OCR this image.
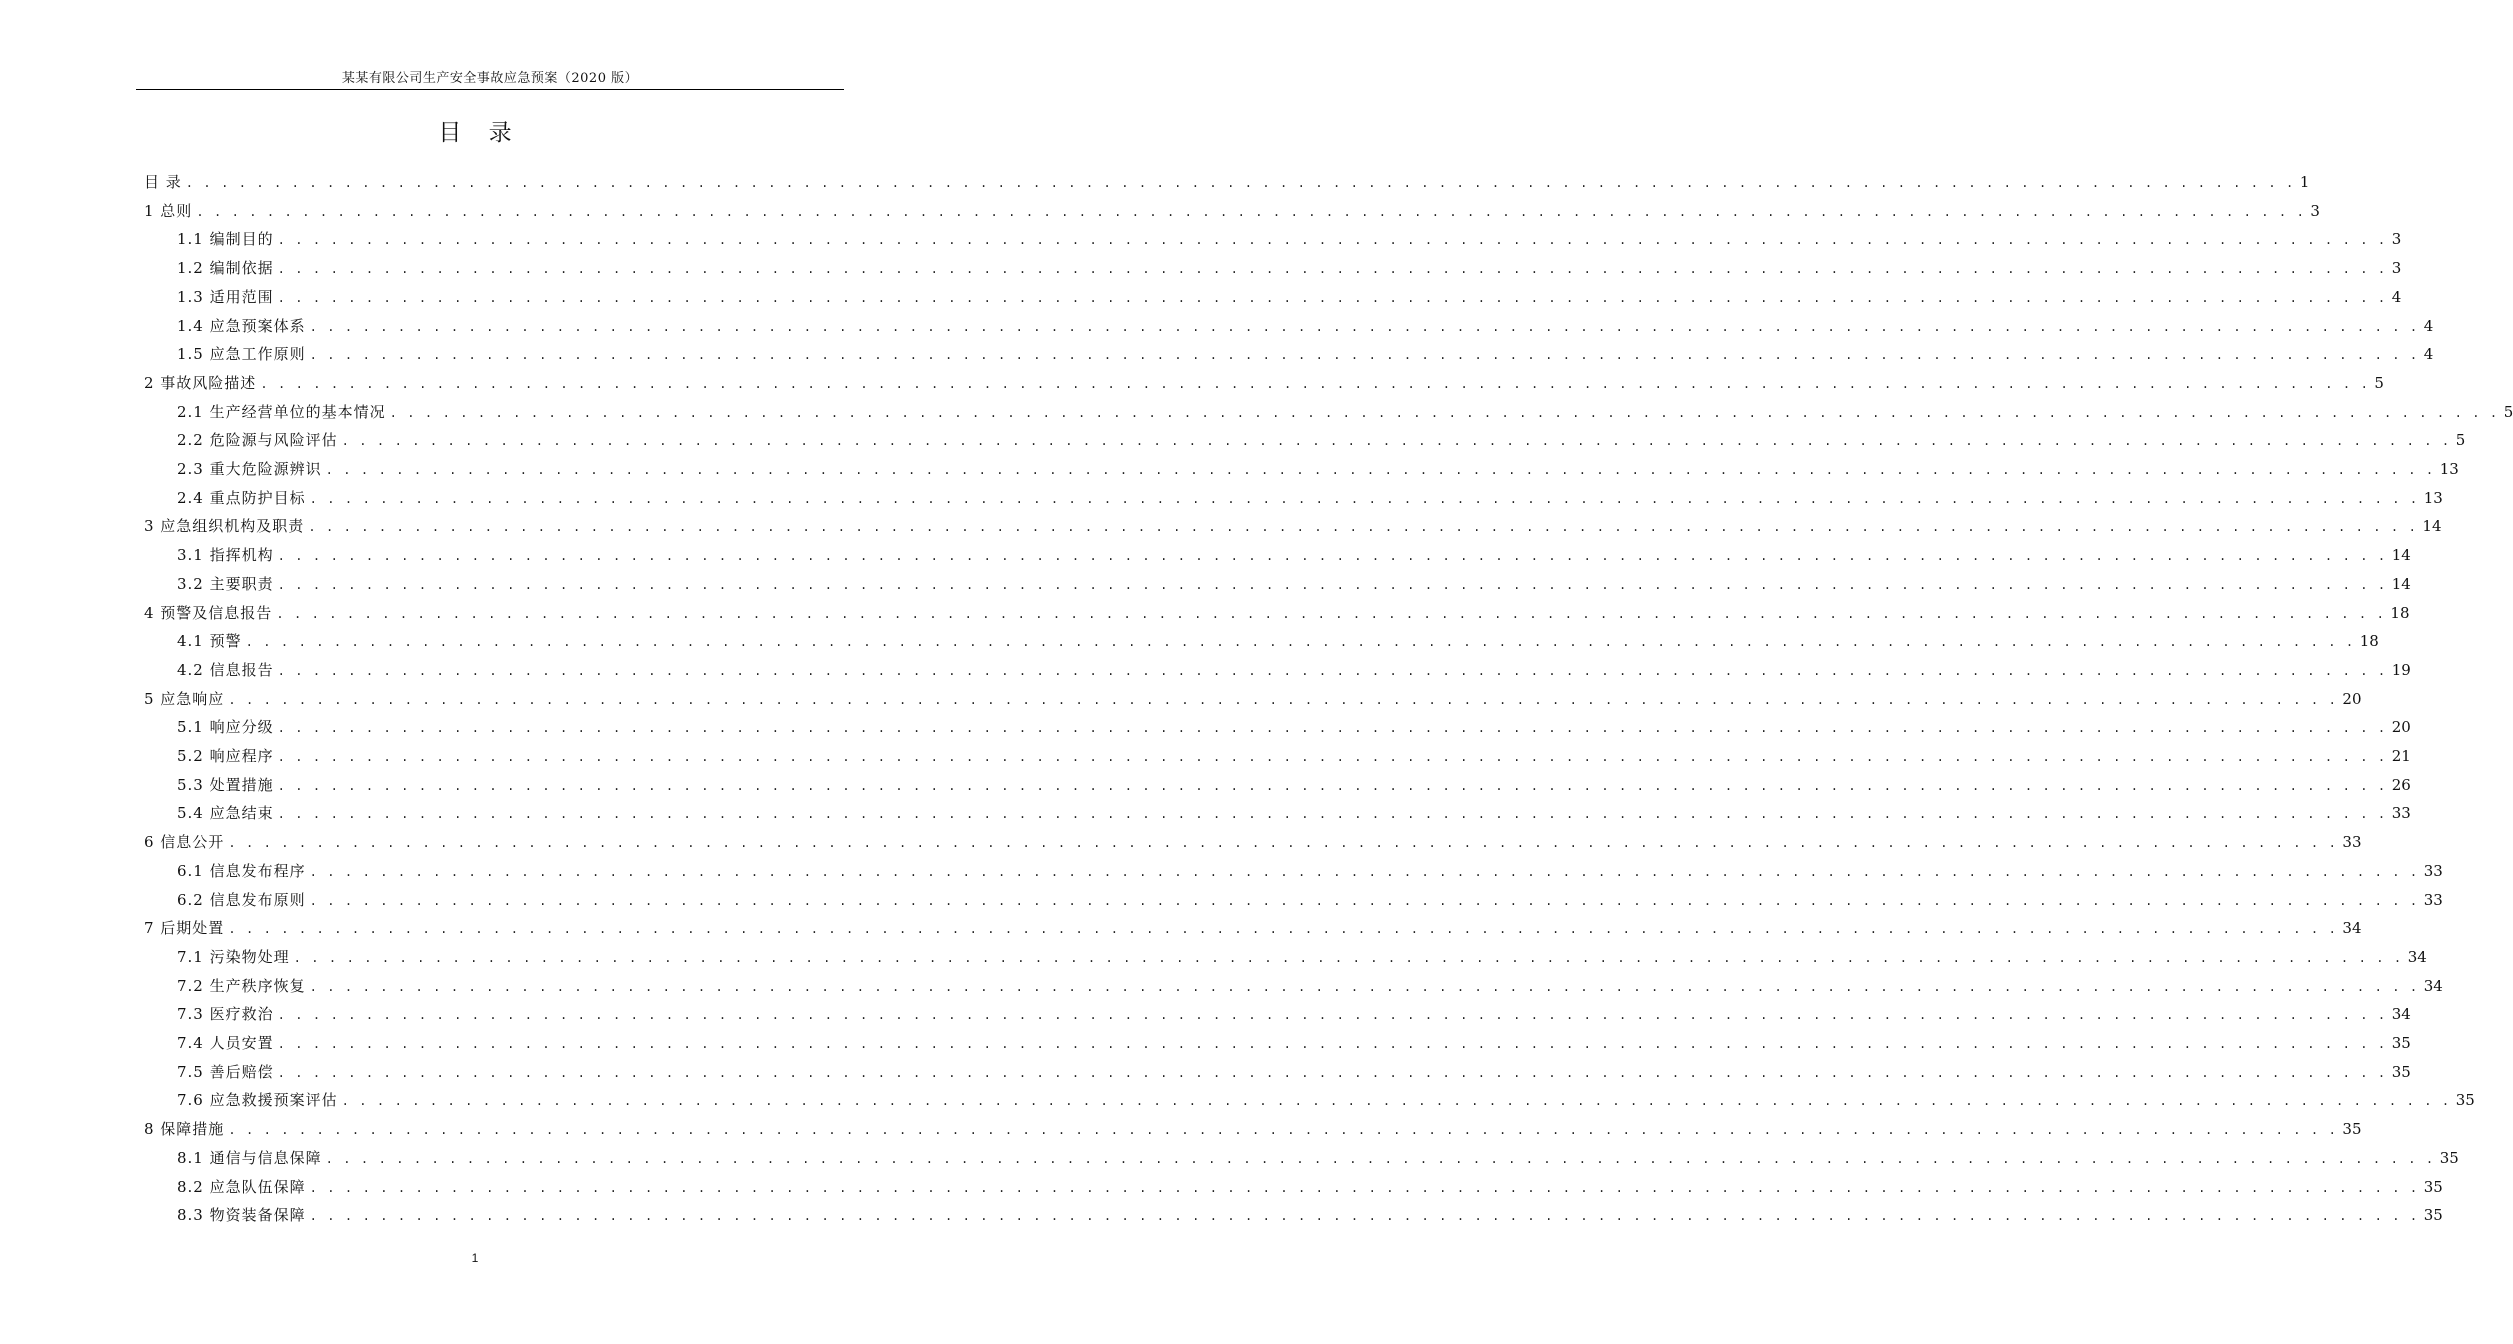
某某有限公司生产安全事故应急预案（2020 版）
目 录
目 录 . . . . . . . . . . . . . . . . . . . . . . . . . . . . . . . . . . . . . . . . . . . . . . . . . . . . . . . . . . . . . . . . . . . . . . . . . . . . . . . . . . . . . . . . . . . . . . . . . . . . . . . . . . . . . . . . . . . . . . . . 1
1 总则 . . . . . . . . . . . . . . . . . . . . . . . . . . . . . . . . . . . . . . . . . . . . . . . . . . . . . . . . . . . . . . . . . . . . . . . . . . . . . . . . . . . . . . . . . . . . . . . . . . . . . . . . . . . . . . . . . . . . . . . . 3
1.1 编制目的 . . . . . . . . . . . . . . . . . . . . . . . . . . . . . . . . . . . . . . . . . . . . . . . . . . . . . . . . . . . . . . . . . . . . . . . . . . . . . . . . . . . . . . . . . . . . . . . . . . . . . . . . . . . . . . . . . . . . . . . . 3
1.2 编制依据 . . . . . . . . . . . . . . . . . . . . . . . . . . . . . . . . . . . . . . . . . . . . . . . . . . . . . . . . . . . . . . . . . . . . . . . . . . . . . . . . . . . . . . . . . . . . . . . . . . . . . . . . . . . . . . . . . . . . . . . . 3
1.3 适用范围 . . . . . . . . . . . . . . . . . . . . . . . . . . . . . . . . . . . . . . . . . . . . . . . . . . . . . . . . . . . . . . . . . . . . . . . . . . . . . . . . . . . . . . . . . . . . . . . . . . . . . . . . . . . . . . . . . . . . . . . . 4
1.4 应急预案体系 . . . . . . . . . . . . . . . . . . . . . . . . . . . . . . . . . . . . . . . . . . . . . . . . . . . . . . . . . . . . . . . . . . . . . . . . . . . . . . . . . . . . . . . . . . . . . . . . . . . . . . . . . . . . . . . . . . . . . . . . 4
1.5 应急工作原则 . . . . . . . . . . . . . . . . . . . . . . . . . . . . . . . . . . . . . . . . . . . . . . . . . . . . . . . . . . . . . . . . . . . . . . . . . . . . . . . . . . . . . . . . . . . . . . . . . . . . . . . . . . . . . . . . . . . . . . . . 4
2 事故风险描述 . . . . . . . . . . . . . . . . . . . . . . . . . . . . . . . . . . . . . . . . . . . . . . . . . . . . . . . . . . . . . . . . . . . . . . . . . . . . . . . . . . . . . . . . . . . . . . . . . . . . . . . . . . . . . . . . . . . . . . . . 5
2.1 生产经营单位的基本情况 . . . . . . . . . . . . . . . . . . . . . . . . . . . . . . . . . . . . . . . . . . . . . . . . . . . . . . . . . . . . . . . . . . . . . . . . . . . . . . . . . . . . . . . . . . . . . . . . . . . . . . . . . . . . . . . . . . . . . . . . 5
2.2 危险源与风险评估 . . . . . . . . . . . . . . . . . . . . . . . . . . . . . . . . . . . . . . . . . . . . . . . . . . . . . . . . . . . . . . . . . . . . . . . . . . . . . . . . . . . . . . . . . . . . . . . . . . . . . . . . . . . . . . . . . . . . . . . . 5
2.3 重大危险源辨识 . . . . . . . . . . . . . . . . . . . . . . . . . . . . . . . . . . . . . . . . . . . . . . . . . . . . . . . . . . . . . . . . . . . . . . . . . . . . . . . . . . . . . . . . . . . . . . . . . . . . . . . . . . . . . . . . . . . . . . . . 13
2.4 重点防护目标 . . . . . . . . . . . . . . . . . . . . . . . . . . . . . . . . . . . . . . . . . . . . . . . . . . . . . . . . . . . . . . . . . . . . . . . . . . . . . . . . . . . . . . . . . . . . . . . . . . . . . . . . . . . . . . . . . . . . . . . . 13
3 应急组织机构及职责 . . . . . . . . . . . . . . . . . . . . . . . . . . . . . . . . . . . . . . . . . . . . . . . . . . . . . . . . . . . . . . . . . . . . . . . . . . . . . . . . . . . . . . . . . . . . . . . . . . . . . . . . . . . . . . . . . . . . . . . . 14
3.1 指挥机构 . . . . . . . . . . . . . . . . . . . . . . . . . . . . . . . . . . . . . . . . . . . . . . . . . . . . . . . . . . . . . . . . . . . . . . . . . . . . . . . . . . . . . . . . . . . . . . . . . . . . . . . . . . . . . . . . . . . . . . . . 14
3.2 主要职责 . . . . . . . . . . . . . . . . . . . . . . . . . . . . . . . . . . . . . . . . . . . . . . . . . . . . . . . . . . . . . . . . . . . . . . . . . . . . . . . . . . . . . . . . . . . . . . . . . . . . . . . . . . . . . . . . . . . . . . . . 14
4 预警及信息报告 . . . . . . . . . . . . . . . . . . . . . . . . . . . . . . . . . . . . . . . . . . . . . . . . . . . . . . . . . . . . . . . . . . . . . . . . . . . . . . . . . . . . . . . . . . . . . . . . . . . . . . . . . . . . . . . . . . . . . . . . 18
4.1 预警 . . . . . . . . . . . . . . . . . . . . . . . . . . . . . . . . . . . . . . . . . . . . . . . . . . . . . . . . . . . . . . . . . . . . . . . . . . . . . . . . . . . . . . . . . . . . . . . . . . . . . . . . . . . . . . . . . . . . . . . . 18
4.2 信息报告 . . . . . . . . . . . . . . . . . . . . . . . . . . . . . . . . . . . . . . . . . . . . . . . . . . . . . . . . . . . . . . . . . . . . . . . . . . . . . . . . . . . . . . . . . . . . . . . . . . . . . . . . . . . . . . . . . . . . . . . . 19
5 应急响应 . . . . . . . . . . . . . . . . . . . . . . . . . . . . . . . . . . . . . . . . . . . . . . . . . . . . . . . . . . . . . . . . . . . . . . . . . . . . . . . . . . . . . . . . . . . . . . . . . . . . . . . . . . . . . . . . . . . . . . . . 20
5.1 响应分级 . . . . . . . . . . . . . . . . . . . . . . . . . . . . . . . . . . . . . . . . . . . . . . . . . . . . . . . . . . . . . . . . . . . . . . . . . . . . . . . . . . . . . . . . . . . . . . . . . . . . . . . . . . . . . . . . . . . . . . . . 20
5.2 响应程序 . . . . . . . . . . . . . . . . . . . . . . . . . . . . . . . . . . . . . . . . . . . . . . . . . . . . . . . . . . . . . . . . . . . . . . . . . . . . . . . . . . . . . . . . . . . . . . . . . . . . . . . . . . . . . . . . . . . . . . . . 21
5.3 处置措施 . . . . . . . . . . . . . . . . . . . . . . . . . . . . . . . . . . . . . . . . . . . . . . . . . . . . . . . . . . . . . . . . . . . . . . . . . . . . . . . . . . . . . . . . . . . . . . . . . . . . . . . . . . . . . . . . . . . . . . . . 26
5.4 应急结束 . . . . . . . . . . . . . . . . . . . . . . . . . . . . . . . . . . . . . . . . . . . . . . . . . . . . . . . . . . . . . . . . . . . . . . . . . . . . . . . . . . . . . . . . . . . . . . . . . . . . . . . . . . . . . . . . . . . . . . . . 33
6 信息公开 . . . . . . . . . . . . . . . . . . . . . . . . . . . . . . . . . . . . . . . . . . . . . . . . . . . . . . . . . . . . . . . . . . . . . . . . . . . . . . . . . . . . . . . . . . . . . . . . . . . . . . . . . . . . . . . . . . . . . . . . 33
6.1 信息发布程序 . . . . . . . . . . . . . . . . . . . . . . . . . . . . . . . . . . . . . . . . . . . . . . . . . . . . . . . . . . . . . . . . . . . . . . . . . . . . . . . . . . . . . . . . . . . . . . . . . . . . . . . . . . . . . . . . . . . . . . . . 33
6.2 信息发布原则 . . . . . . . . . . . . . . . . . . . . . . . . . . . . . . . . . . . . . . . . . . . . . . . . . . . . . . . . . . . . . . . . . . . . . . . . . . . . . . . . . . . . . . . . . . . . . . . . . . . . . . . . . . . . . . . . . . . . . . . . 33
7 后期处置 . . . . . . . . . . . . . . . . . . . . . . . . . . . . . . . . . . . . . . . . . . . . . . . . . . . . . . . . . . . . . . . . . . . . . . . . . . . . . . . . . . . . . . . . . . . . . . . . . . . . . . . . . . . . . . . . . . . . . . . . 34
7.1 污染物处理 . . . . . . . . . . . . . . . . . . . . . . . . . . . . . . . . . . . . . . . . . . . . . . . . . . . . . . . . . . . . . . . . . . . . . . . . . . . . . . . . . . . . . . . . . . . . . . . . . . . . . . . . . . . . . . . . . . . . . . . . 34
7.2 生产秩序恢复 . . . . . . . . . . . . . . . . . . . . . . . . . . . . . . . . . . . . . . . . . . . . . . . . . . . . . . . . . . . . . . . . . . . . . . . . . . . . . . . . . . . . . . . . . . . . . . . . . . . . . . . . . . . . . . . . . . . . . . . . 34
7.3 医疗救治 . . . . . . . . . . . . . . . . . . . . . . . . . . . . . . . . . . . . . . . . . . . . . . . . . . . . . . . . . . . . . . . . . . . . . . . . . . . . . . . . . . . . . . . . . . . . . . . . . . . . . . . . . . . . . . . . . . . . . . . . 34
7.4 人员安置 . . . . . . . . . . . . . . . . . . . . . . . . . . . . . . . . . . . . . . . . . . . . . . . . . . . . . . . . . . . . . . . . . . . . . . . . . . . . . . . . . . . . . . . . . . . . . . . . . . . . . . . . . . . . . . . . . . . . . . . . 35
7.5 善后赔偿 . . . . . . . . . . . . . . . . . . . . . . . . . . . . . . . . . . . . . . . . . . . . . . . . . . . . . . . . . . . . . . . . . . . . . . . . . . . . . . . . . . . . . . . . . . . . . . . . . . . . . . . . . . . . . . . . . . . . . . . . 35
7.6 应急救援预案评估 . . . . . . . . . . . . . . . . . . . . . . . . . . . . . . . . . . . . . . . . . . . . . . . . . . . . . . . . . . . . . . . . . . . . . . . . . . . . . . . . . . . . . . . . . . . . . . . . . . . . . . . . . . . . . . . . . . . . . . . . 35
8 保障措施 . . . . . . . . . . . . . . . . . . . . . . . . . . . . . . . . . . . . . . . . . . . . . . . . . . . . . . . . . . . . . . . . . . . . . . . . . . . . . . . . . . . . . . . . . . . . . . . . . . . . . . . . . . . . . . . . . . . . . . . . 35
8.1 通信与信息保障 . . . . . . . . . . . . . . . . . . . . . . . . . . . . . . . . . . . . . . . . . . . . . . . . . . . . . . . . . . . . . . . . . . . . . . . . . . . . . . . . . . . . . . . . . . . . . . . . . . . . . . . . . . . . . . . . . . . . . . . . 35
8.2 应急队伍保障 . . . . . . . . . . . . . . . . . . . . . . . . . . . . . . . . . . . . . . . . . . . . . . . . . . . . . . . . . . . . . . . . . . . . . . . . . . . . . . . . . . . . . . . . . . . . . . . . . . . . . . . . . . . . . . . . . . . . . . . . 35
8.3 物资装备保障 . . . . . . . . . . . . . . . . . . . . . . . . . . . . . . . . . . . . . . . . . . . . . . . . . . . . . . . . . . . . . . . . . . . . . . . . . . . . . . . . . . . . . . . . . . . . . . . . . . . . . . . . . . . . . . . . . . . . . . . . 35
1
